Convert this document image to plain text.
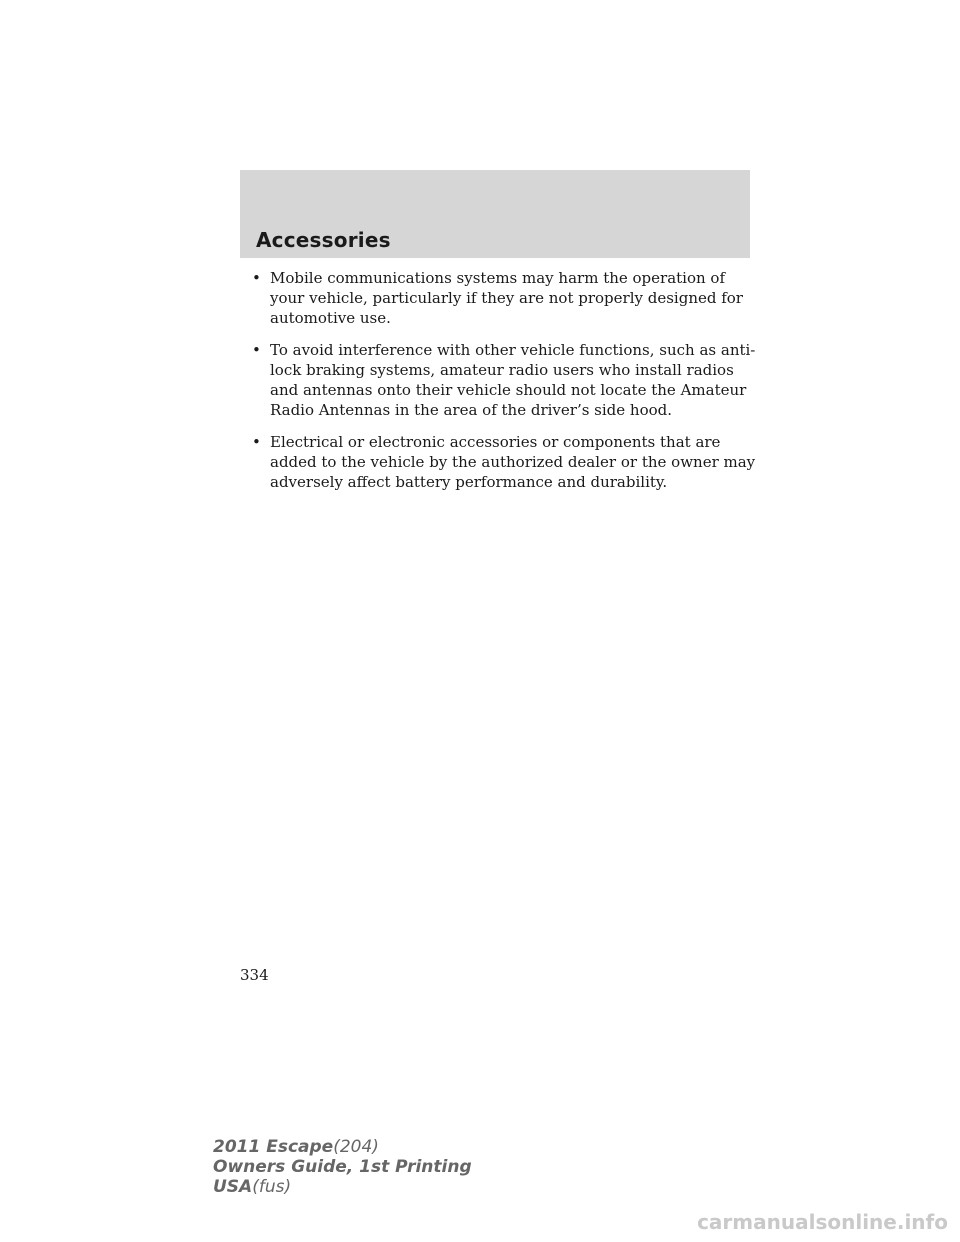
Accessories
• Mobile communications systems may harm the operation of your vehicle, particularly if they are not properly designed for automotive use.
• To avoid interference with other vehicle functions, such as anti-lock braking systems, amateur radio users who install radios and antennas onto their vehicle should not locate the Amateur Radio Antennas in the area of the driver’s side hood.
• Electrical or electronic accessories or components that are added to the vehicle by the authorized dealer or the owner may adversely affect battery performance and durability.
334
2011 Escape(204)
Owners Guide, 1st Printing
USA(fus)
carmanualsonline.info
